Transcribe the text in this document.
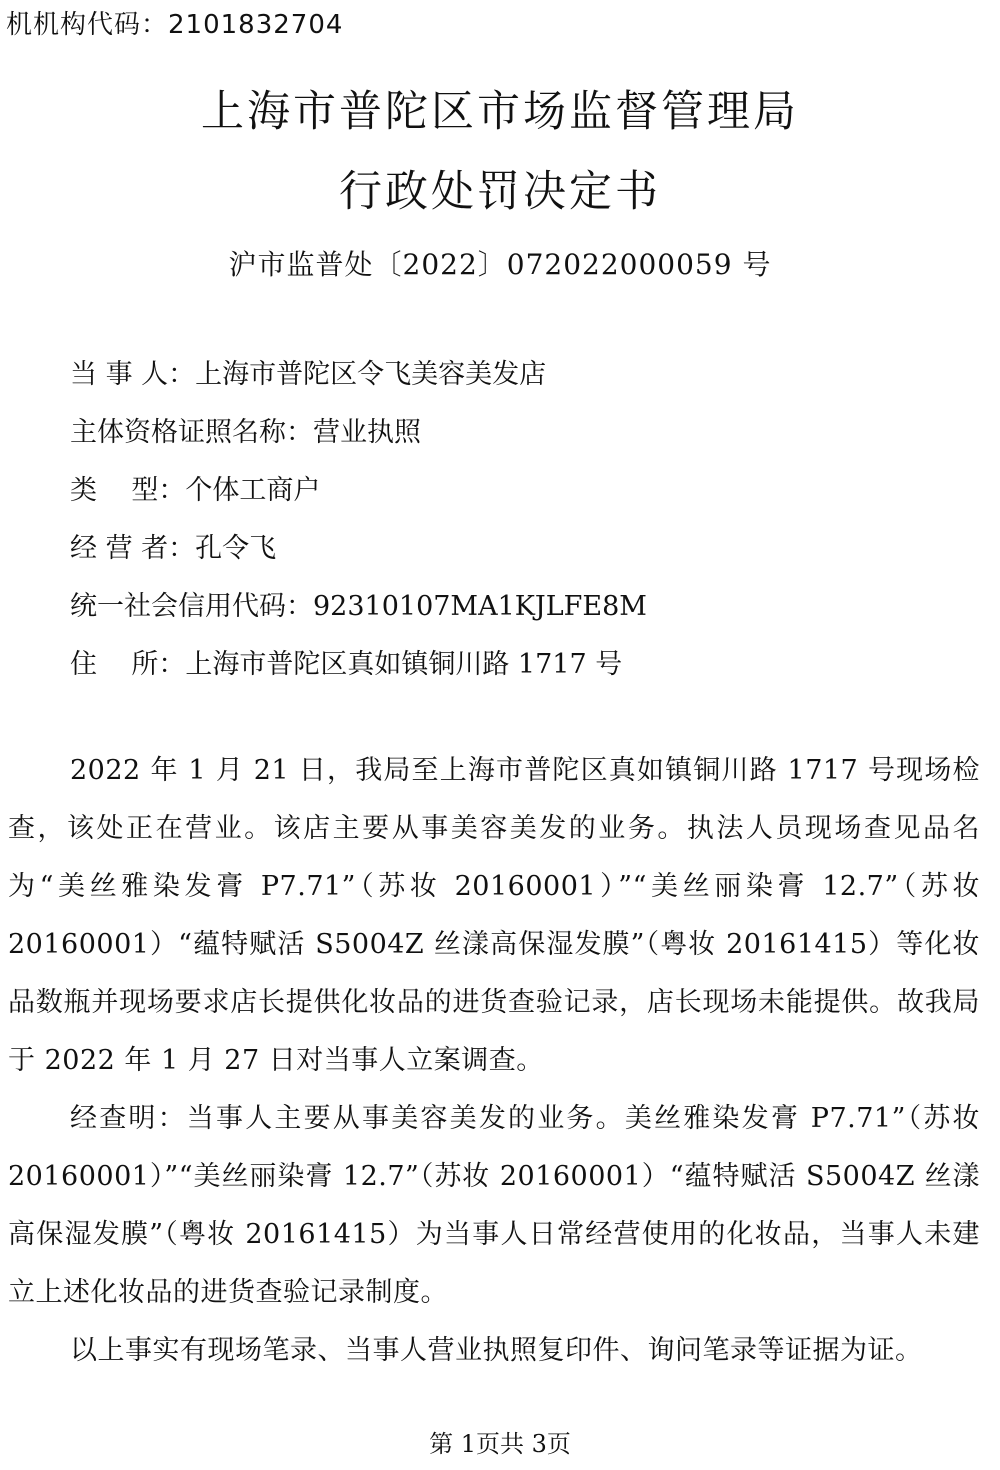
机机构代码：2101832704
上海市普陀区市场监督管理局
行政处罚决定书
沪市监普处〔2022〕072022000059 号
当 事 人：上海市普陀区令飞美容美发店
主体资格证照名称：营业执照
类    型：个体工商户
经 营 者：孔令飞
统一社会信用代码：92310107MA1KJLFE8M
住    所：上海市普陀区真如镇铜川路 1717 号

2022 年 1 月 21 日，我局至上海市普陀区真如镇铜川路 1717 号现场检查，该处正在营业。该店主要从事美容美发的业务。执法人员现场查见品名为“美丝雅染发膏 P7.71”（苏妆 20160001）”“美丝丽染膏 12.7”（苏妆 20160001）“蕴特赋活 S5004Z 丝漾高保湿发膜”（粤妆 20161415）等化妆品数瓶并现场要求店长提供化妆品的进货查验记录，店长现场未能提供。故我局于 2022 年 1 月 27 日对当事人立案调查。

经查明：当事人主要从事美容美发的业务。美丝雅染发膏 P7.71”（苏妆 20160001）”“美丝丽染膏 12.7”（苏妆 20160001）“蕴特赋活 S5004Z 丝漾高保湿发膜”（粤妆 20161415）为当事人日常经营使用的化妆品，当事人未建立上述化妆品的进货查验记录制度。

以上事实有现场笔录、当事人营业执照复印件、询问笔录等证据为证。

第 1页共 3页
